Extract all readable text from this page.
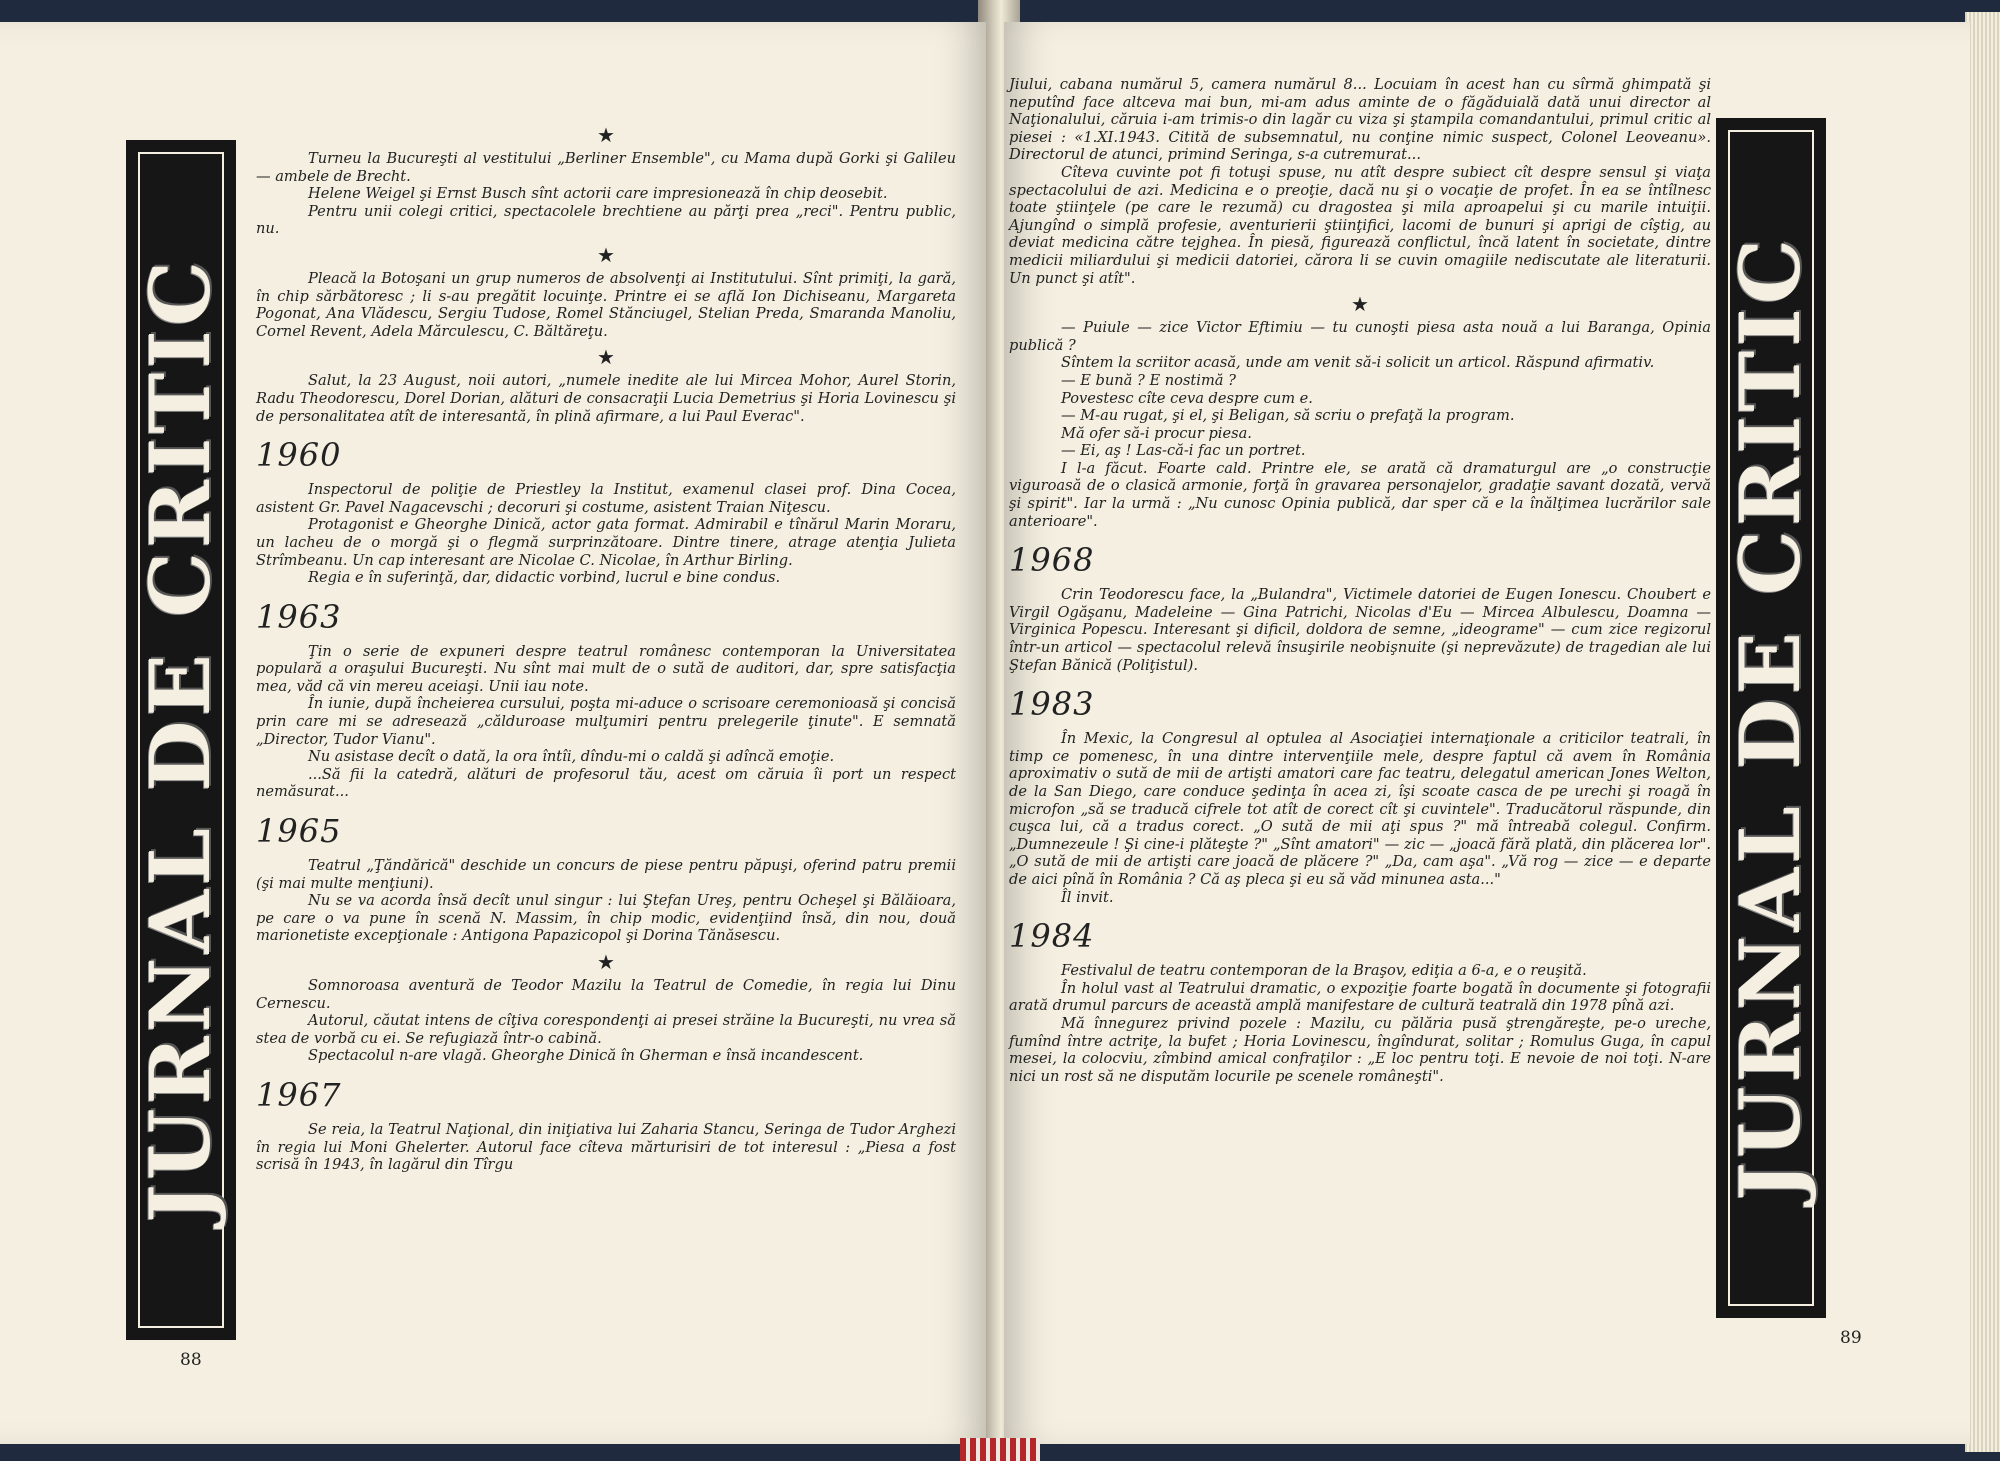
JURNAL DE CRITIC
★

Turneu la Bucureşti al vestitului „Berliner Ensemble", cu Mama după Gorki şi Galileu — ambele de Brecht.

Helene Weigel şi Ernst Busch sînt actorii care impresionează în chip deosebit.

Pentru unii colegi critici, spectacolele brechtiene au părţi prea „reci". Pentru public, nu.

★

Pleacă la Botoşani un grup numeros de absolvenţi ai Institutului. Sînt primiţi, la gară, în chip sărbătoresc ; li s-au pregătit locuinţe. Printre ei se află Ion Dichiseanu, Margareta Pogonat, Ana Vlădescu, Sergiu Tudose, Romel Stănciugel, Stelian Preda, Smaranda Manoliu, Cornel Revent, Adela Mărculescu, C. Băltăreţu.

★

Salut, la 23 August, noii autori, „numele inedite ale lui Mircea Mohor, Aurel Storin, Radu Theodorescu, Dorel Dorian, alături de consacraţii Lucia Demetrius şi Horia Lovinescu şi de personalitatea atît de interesantă, în plină afirmare, a lui Paul Everac".

1960

Inspectorul de poliţie de Priestley la Institut, examenul clasei prof. Dina Cocea, asistent Gr. Pavel Nagacevschi ; decoruri şi costume, asistent Traian Niţescu.

Protagonist e Gheorghe Dinică, actor gata format. Admirabil e tînărul Marin Moraru, un lacheu de o morgă şi o flegmă surprinzătoare. Dintre tinere, atrage atenţia Julieta Strîmbeanu. Un cap interesant are Nicolae C. Nicolae, în Arthur Birling.

Regia e în suferinţă, dar, didactic vorbind, lucrul e bine condus.

1963

Ţin o serie de expuneri despre teatrul românesc contemporan la Universitatea populară a oraşului Bucureşti. Nu sînt mai mult de o sută de auditori, dar, spre satisfacţia mea, văd că vin mereu aceiaşi. Unii iau note.

În iunie, după încheierea cursului, poşta mi-aduce o scrisoare ceremonioasă şi concisă prin care mi se adresează „călduroase mulţumiri pentru prelegerile ţinute". E semnată „Director, Tudor Vianu".

Nu asistase decît o dată, la ora întîi, dîndu-mi o caldă şi adîncă emoţie.

...Să fii la catedră, alături de profesorul tău, acest om căruia îi port un respect nemăsurat...

1965

Teatrul „Ţăndărică" deschide un concurs de piese pentru păpuşi, oferind patru premii (şi mai multe menţiuni).

Nu se va acorda însă decît unul singur : lui Ştefan Ureş, pentru Ocheşel şi Bălăioara, pe care o va pune în scenă N. Massim, în chip modic, evidenţiind însă, din nou, două marionetiste excepţionale : Antigona Papazicopol şi Dorina Tănăsescu.

★

Somnoroasa aventură de Teodor Mazilu la Teatrul de Comedie, în regia lui Dinu Cernescu.

Autorul, căutat intens de cîţiva corespondenţi ai presei străine la Bucureşti, nu vrea să stea de vorbă cu ei. Se refugiază într-o cabină.

Spectacolul n-are vlagă. Gheorghe Dinică în Gherman e însă incandescent.

1967

Se reia, la Teatrul Naţional, din iniţiativa lui Zaharia Stancu, Seringa de Tudor Arghezi în regia lui Moni Ghelerter. Autorul face cîteva mărturisiri de tot interesul : „Piesa a fost scrisă în 1943, în lagărul din Tîrgu

88

Jiului, cabana numărul 5, camera numărul 8... Locuiam în acest han cu sîrmă ghimpată şi neputînd face altceva mai bun, mi-am adus aminte de o făgăduială dată unui director al Naţionalului, căruia i-am trimis-o din lagăr cu viza şi ştampila comandantului, primul critic al piesei : «1.XI.1943. Citită de subsemnatul, nu conţine nimic suspect, Colonel Leoveanu». Directorul de atunci, primind Seringa, s-a cutremurat...

Cîteva cuvinte pot fi totuşi spuse, nu atît despre subiect cît despre sensul şi viaţa spectacolului de azi. Medicina e o preoţie, dacă nu şi o vocaţie de profet. În ea se întîlnesc toate ştiinţele (pe care le rezumă) cu dragostea şi mila aproapelui şi cu marile intuiţii. Ajungînd o simplă profesie, aventurierii ştiinţifici, lacomi de bunuri şi aprigi de cîştig, au deviat medicina către tejghea. În piesă, figurează conflictul, încă latent în societate, dintre medicii miliardului şi medicii datoriei, cărora li se cuvin omagiile nediscutate ale literaturii. Un punct şi atît".

★

— Puiule — zice Victor Eftimiu — tu cunoşti piesa asta nouă a lui Baranga, Opinia publică ?

Sîntem la scriitor acasă, unde am venit să-i solicit un articol. Răspund afirmativ.

— E bună ? E nostimă ?

Povestesc cîte ceva despre cum e.

— M-au rugat, şi el, şi Beligan, să scriu o prefaţă la program.

Mă ofer să-i procur piesa.

— Ei, aş ! Las-că-i fac un portret.

I l-a făcut. Foarte cald. Printre ele, se arată că dramaturgul are „o construcţie viguroasă de o clasică armonie, forţă în gravarea personajelor, gradaţie savant dozată, vervă şi spirit". Iar la urmă : „Nu cunosc Opinia publică, dar sper că e la înălţimea lucrărilor sale anterioare".

1968

Crin Teodorescu face, la „Bulandra", Victimele datoriei de Eugen Ionescu. Choubert e Virgil Ogăşanu, Madeleine — Gina Patrichi, Nicolas d'Eu — Mircea Albulescu, Doamna — Virginica Popescu. Interesant şi dificil, doldora de semne, „ideograme" — cum zice regizorul într-un articol — spectacolul relevă însuşirile neobişnuite (şi neprevăzute) de tragedian ale lui Ştefan Bănică (Poliţistul).

1983

În Mexic, la Congresul al optulea al Asociaţiei internaţionale a criticilor teatrali, în timp ce pomenesc, în una dintre intervenţiile mele, despre faptul că avem în România aproximativ o sută de mii de artişti amatori care fac teatru, delegatul american Jones Welton, de la San Diego, care conduce şedinţa în acea zi, îşi scoate casca de pe urechi şi roagă în microfon „să se traducă cifrele tot atît de corect cît şi cuvintele". Traducătorul răspunde, din cuşca lui, că a tradus corect. „O sută de mii aţi spus ?" mă întreabă colegul. Confirm. „Dumnezeule ! Şi cine-i plăteşte ?" „Sînt amatori" — zic — „joacă fără plată, din plăcerea lor". „O sută de mii de artişti care joacă de plăcere ?" „Da, cam aşa". „Vă rog — zice — e departe de aici pînă în România ? Că aş pleca şi eu să văd minunea asta..."

Îl invit.

1984

Festivalul de teatru contemporan de la Braşov, ediţia a 6-a, e o reuşită.

În holul vast al Teatrului dramatic, o expoziţie foarte bogată în documente şi fotografii arată drumul parcurs de această amplă manifestare de cultură teatrală din 1978 pînă azi.

Mă înnegurez privind pozele : Mazilu, cu pălăria pusă ştrengăreşte, pe-o ureche, fumînd între actriţe, la bufet ; Horia Lovinescu, îngîndurat, solitar ; Romulus Guga, în capul mesei, la colocviu, zîmbind amical confraţilor : „E loc pentru toţi. E nevoie de noi toţi. N-are nici un rost să ne disputăm locurile pe scenele româneşti".	JURNAL DE CRITIC
89
